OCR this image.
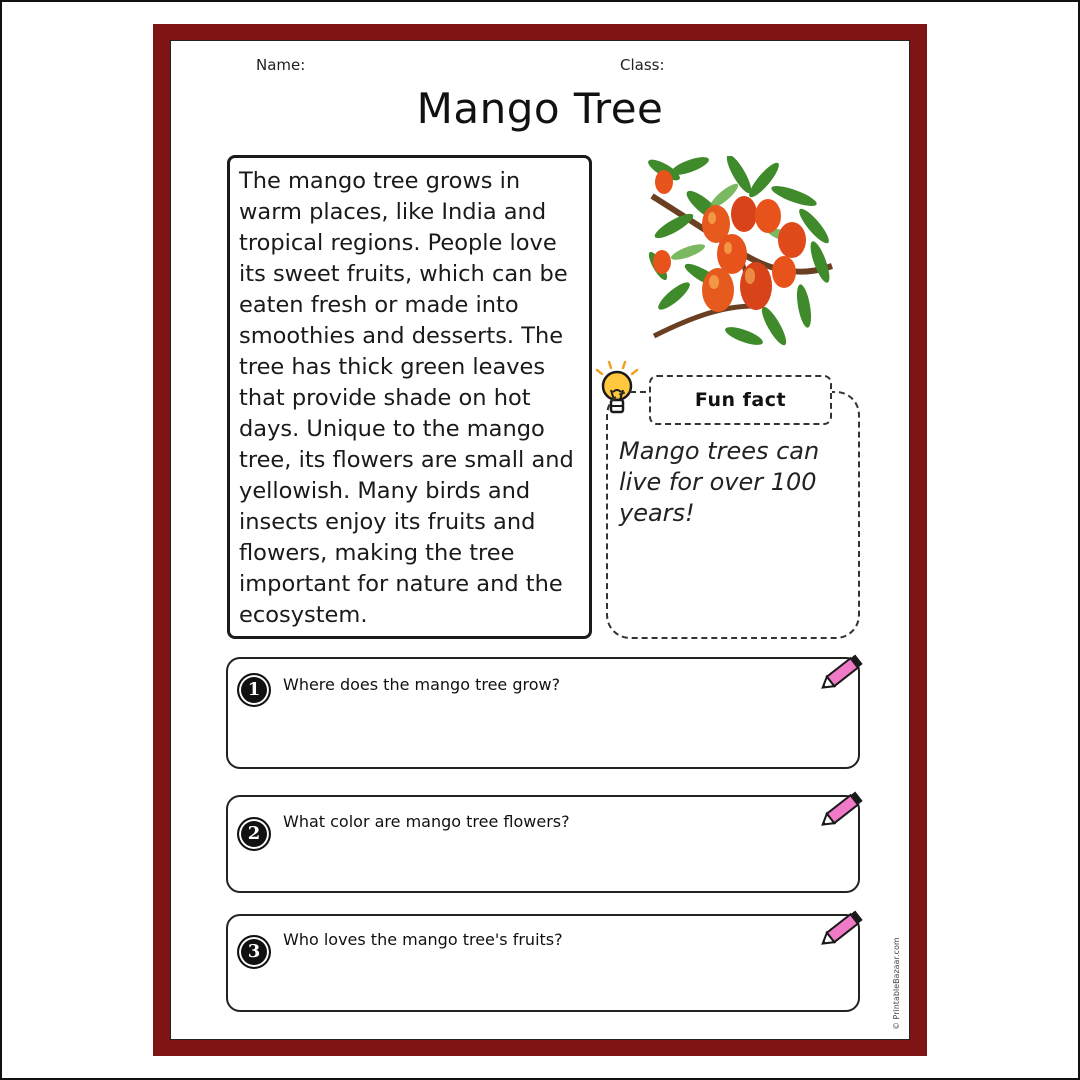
Name:	Class:
Mango Tree
The mango tree grows in warm places, like India and tropical regions. People love its sweet fruits, which can be eaten fresh or made into smoothies and desserts. The tree has thick green leaves that provide shade on hot days. Unique to the mango tree, its flowers are small and yellowish. Many birds and insects enjoy its fruits and flowers, making the tree important for nature and the ecosystem.
Fun fact
Mango trees can live for over 100 years!
1	Where does the mango tree grow?
2
What color are mango tree flowers?
3
Who loves the mango tree's fruits?	© PrintableBazaar.com
